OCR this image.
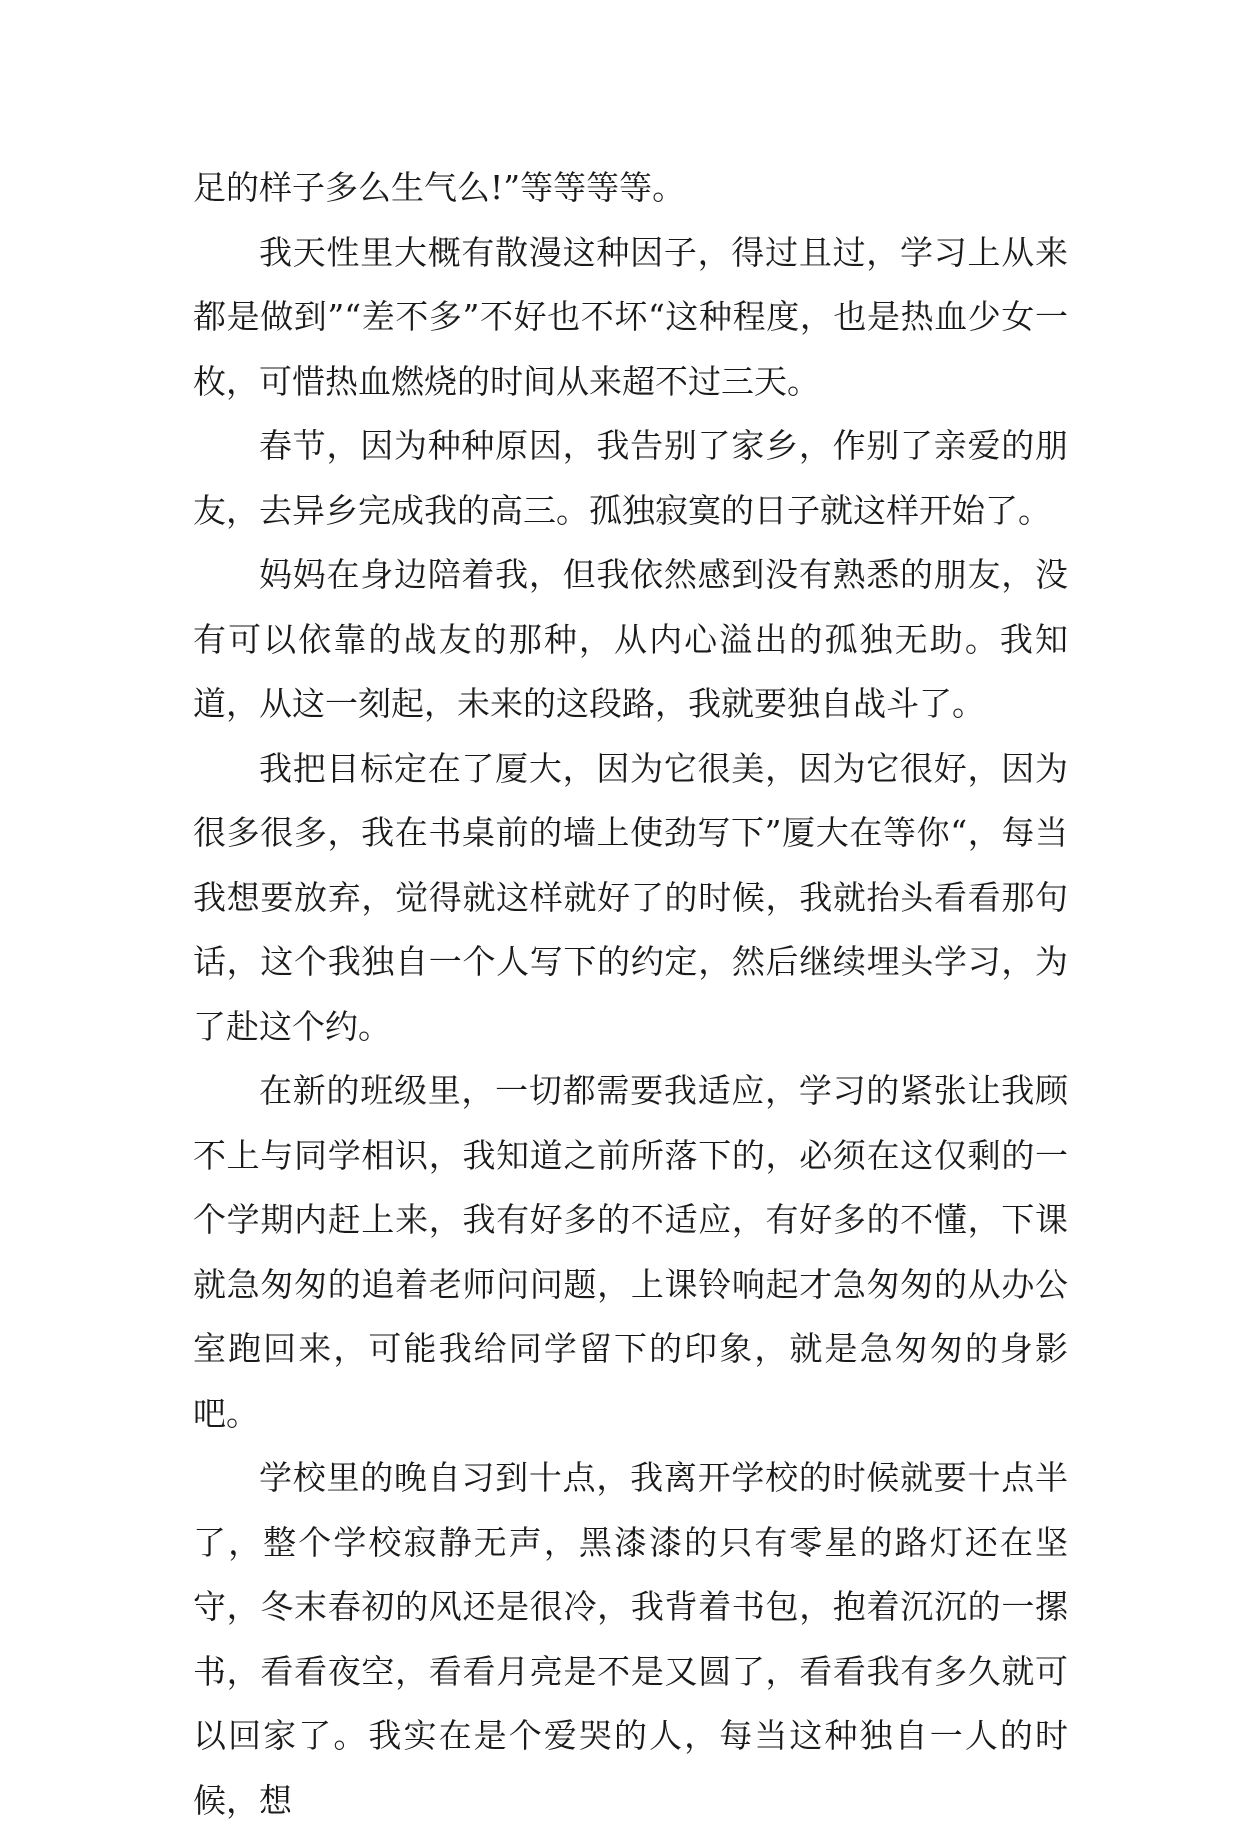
足的样子多么生气么!”等等等等。

我天性里大概有散漫这种因子，得过且过，学习上从来都是做到”“差不多”不好也不坏“这种程度，也是热血少女一枚，可惜热血燃烧的时间从来超不过三天。

春节，因为种种原因，我告别了家乡，作别了亲爱的朋友，去异乡完成我的高三。孤独寂寞的日子就这样开始了。

妈妈在身边陪着我，但我依然感到没有熟悉的朋友，没有可以依靠的战友的那种，从内心溢出的孤独无助。我知道，从这一刻起，未来的这段路，我就要独自战斗了。

我把目标定在了厦大，因为它很美，因为它很好，因为很多很多，我在书桌前的墙上使劲写下”厦大在等你“，每当我想要放弃，觉得就这样就好了的时候，我就抬头看看那句话，这个我独自一个人写下的约定，然后继续埋头学习，为了赴这个约。

在新的班级里，一切都需要我适应，学习的紧张让我顾不上与同学相识，我知道之前所落下的，必须在这仅剩的一个学期内赶上来，我有好多的不适应，有好多的不懂，下课就急匆匆的追着老师问问题，上课铃响起才急匆匆的从办公室跑回来，可能我给同学留下的印象，就是急匆匆的身影吧。

学校里的晚自习到十点，我离开学校的时候就要十点半了，整个学校寂静无声，黑漆漆的只有零星的路灯还在坚守，冬末春初的风还是很冷，我背着书包，抱着沉沉的一摞书，看看夜空，看看月亮是不是又圆了，看看我有多久就可以回家了。我实在是个爱哭的人，每当这种独自一人的时候，想
